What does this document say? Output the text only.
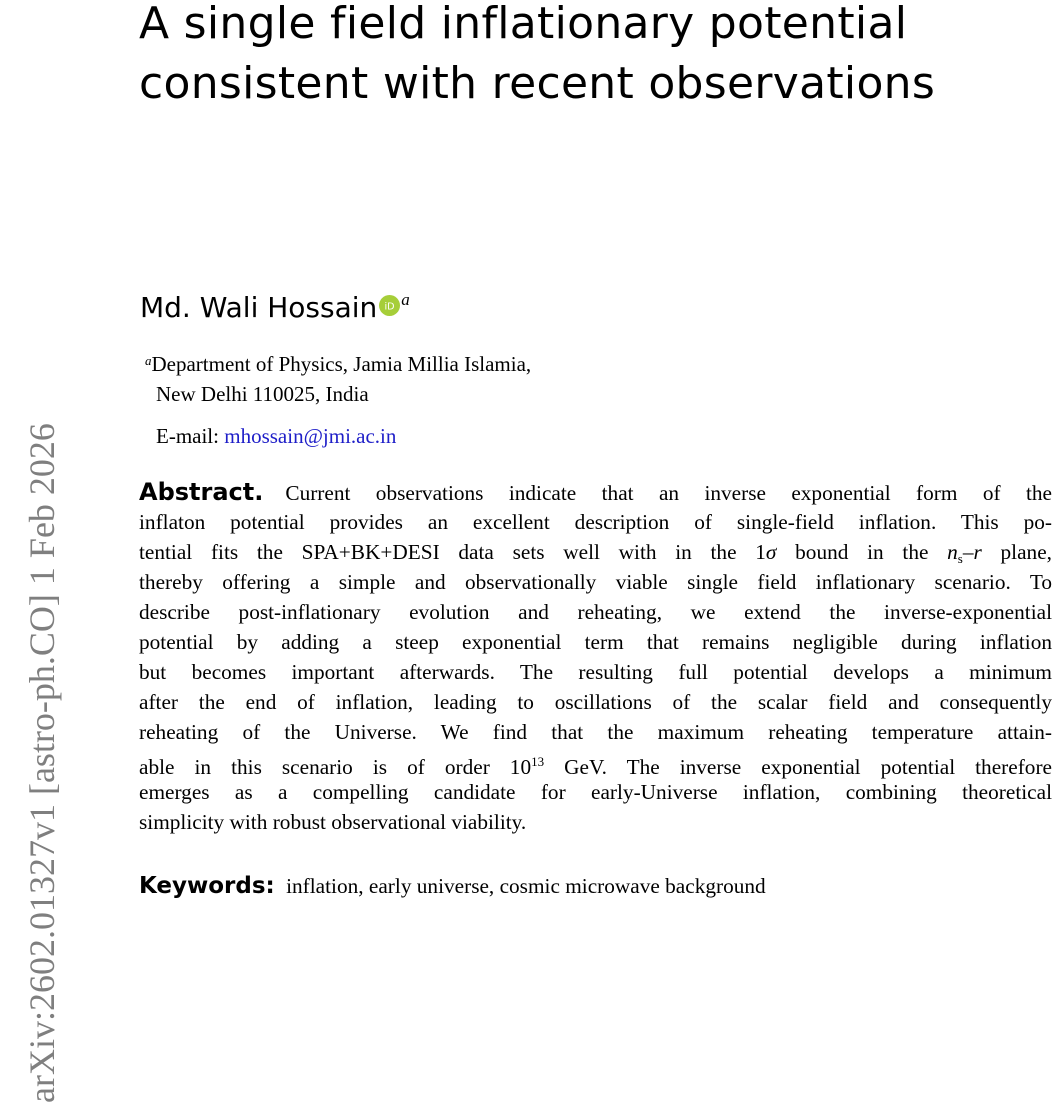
arXiv:2602.01327v1 [astro-ph.CO] 1 Feb 2026
A single field inflationary potential
consistent with recent observations
Md. Wali Hossain iD $^a$
$^a$Department of Physics, Jamia Millia Islamia,
New Delhi 110025, India
E-mail: mhossain@jmi.ac.in
Abstract. Current observations indicate that an inverse exponential form of the
inflaton potential provides an excellent description of single-field inflation. This po-
tential fits the SPA+BK+DESI data sets well with in the 1σ bound in the $n_s-r$ plane,
thereby offering a simple and observationally viable single field inflationary scenario. To
describe post-inflationary evolution and reheating, we extend the inverse-exponential
potential by adding a steep exponential term that remains negligible during inflation
but becomes important afterwards. The resulting full potential develops a minimum
after the end of inflation, leading to oscillations of the scalar field and consequently
reheating of the Universe. We find that the maximum reheating temperature attain-
able in this scenario is of order $10^{13}$ GeV. The inverse exponential potential therefore
emerges as a compelling candidate for early-Universe inflation, combining theoretical
simplicity with robust observational viability.
Keywords: inflation, early universe, cosmic microwave background
